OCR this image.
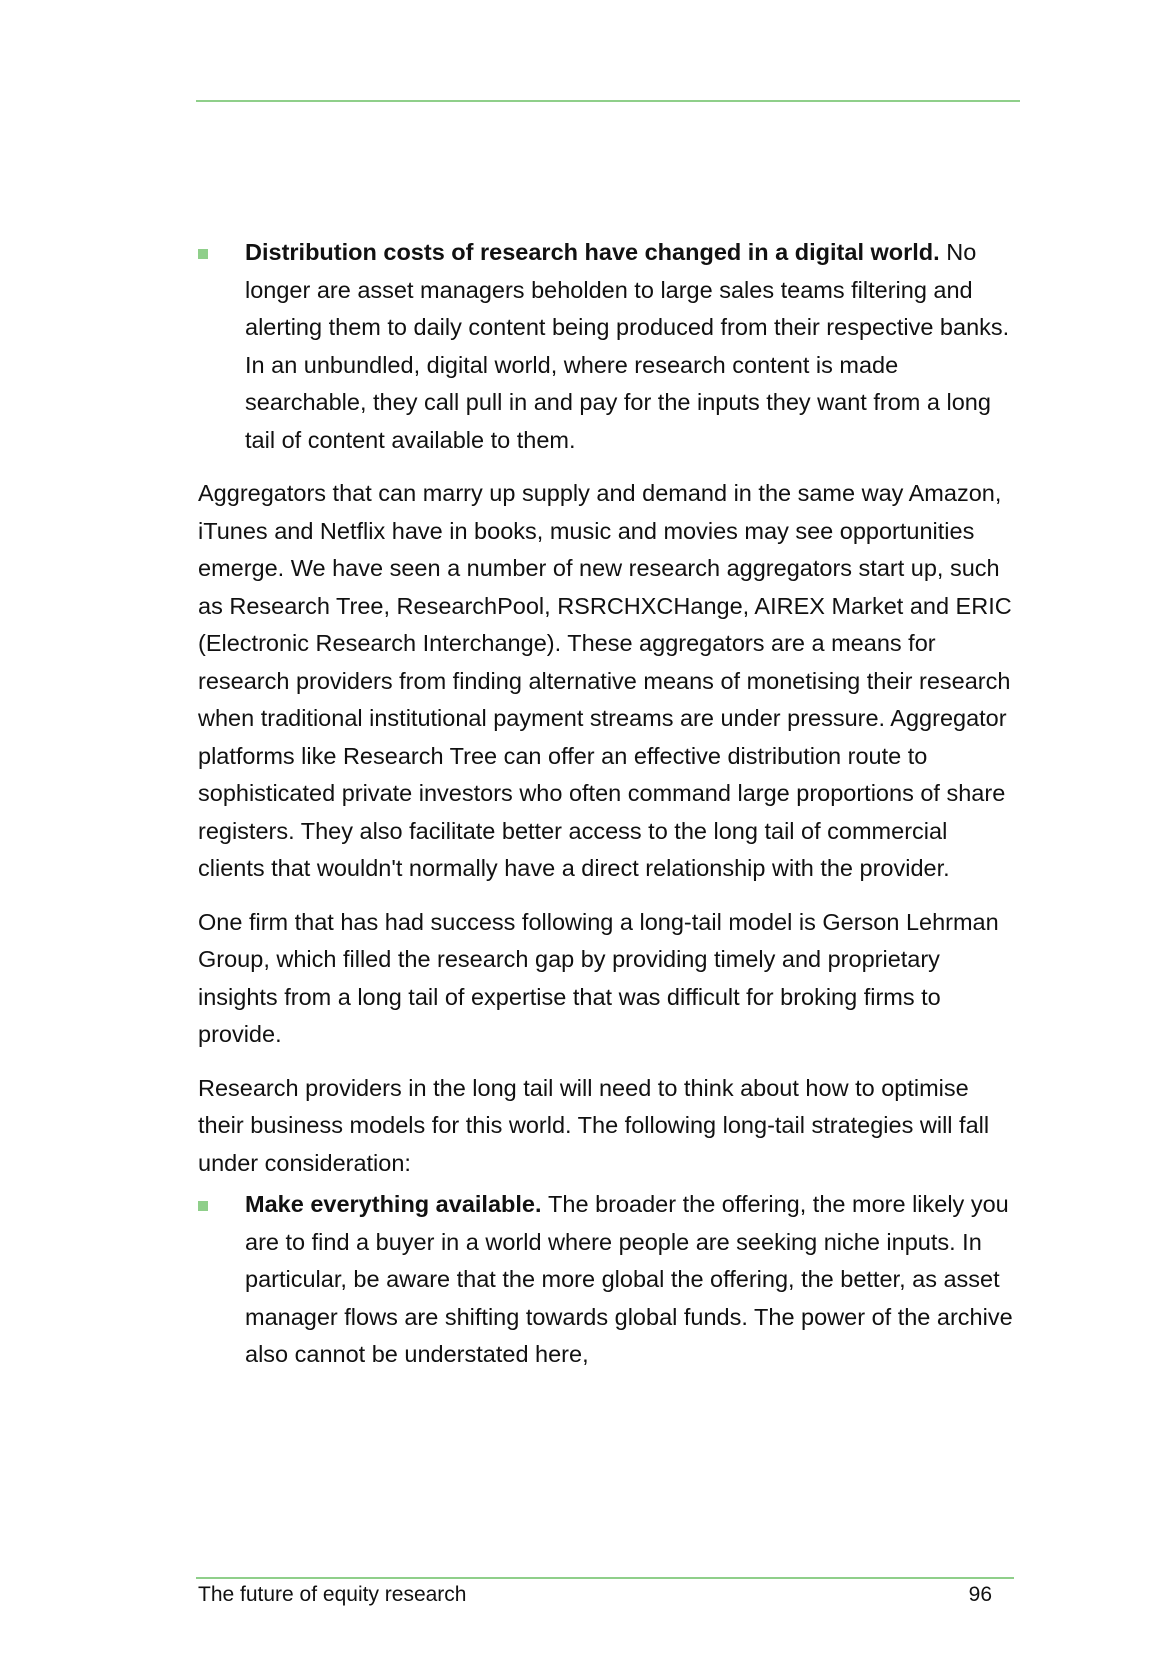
Distribution costs of research have changed in a digital world. No longer are asset managers beholden to large sales teams filtering and alerting them to daily content being produced from their respective banks. In an unbundled, digital world, where research content is made searchable, they call pull in and pay for the inputs they want from a long tail of content available to them.

Aggregators that can marry up supply and demand in the same way Amazon, iTunes and Netflix have in books, music and movies may see opportunities emerge. We have seen a number of new research aggregators start up, such as Research Tree, ResearchPool, RSRCHXCHange, AIREX Market and ERIC (Electronic Research Interchange). These aggregators are a means for research providers from finding alternative means of monetising their research when traditional institutional payment streams are under pressure. Aggregator platforms like Research Tree can offer an effective distribution route to sophisticated private investors who often command large proportions of share registers. They also facilitate better access to the long tail of commercial clients that wouldn't normally have a direct relationship with the provider.

One firm that has had success following a long-tail model is Gerson Lehrman Group, which filled the research gap by providing timely and proprietary insights from a long tail of expertise that was difficult for broking firms to provide.

Research providers in the long tail will need to think about how to optimise their business models for this world. The following long-tail strategies will fall under consideration:

Make everything available. The broader the offering, the more likely you are to find a buyer in a world where people are seeking niche inputs. In particular, be aware that the more global the offering, the better, as asset manager flows are shifting towards global funds. The power of the archive also cannot be understated here,
The future of equity research	96
